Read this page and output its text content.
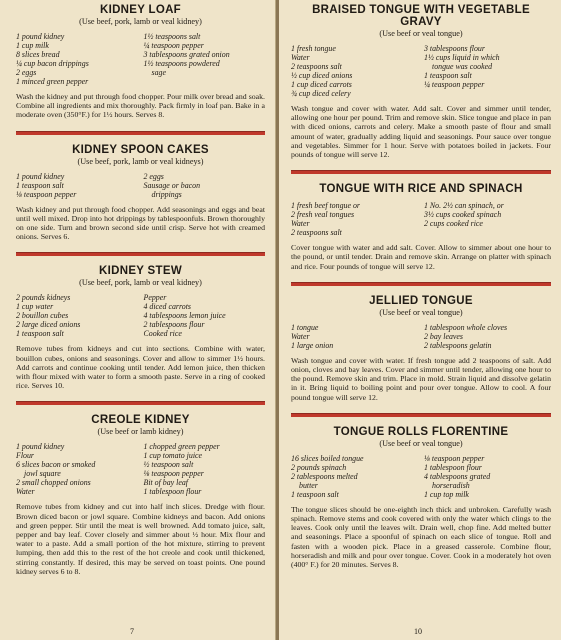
KIDNEY LOAF
(Use beef, pork, lamb or veal kidney)
1 pound kidney
1 cup milk
8 slices bread
¼ cup bacon drippings
2 eggs
1 minced green pepper
1½ teaspoons salt
¼ teaspoon pepper
3 tablespoons grated onion
1½ teaspoons powdered
sage

Wash the kidney and put through food chopper. Pour milk over bread and soak. Combine all ingredients and mix thoroughly. Pack firmly in loaf pan. Bake in a moderate oven (350°F.) for 1½ hours. Serves 8.

KIDNEY SPOON CAKES
(Use beef, pork, lamb or veal kidneys)
1 pound kidney
1 teaspoon salt
⅛ teaspoon pepper
2 eggs
Sausage or bacon
drippings

Wash kidney and put through food chopper. Add seasonings and eggs and beat until well mixed. Drop into hot drippings by tablespoonfuls. Brown thoroughly on one side. Turn and brown second side until crisp. Serve hot with creamed onions. Serves 6.

KIDNEY STEW
(Use beef, pork, lamb or veal kidney)
2 pounds kidneys
1 cup water
2 bouillon cubes
2 large diced onions
1 teaspoon salt
Pepper
4 diced carrots
4 tablespoons lemon juice
2 tablespoons flour
Cooked rice

Remove tubes from kidneys and cut into sections. Combine with water, bouillon cubes, onions and seasonings. Cover and allow to simmer 1½ hours. Add carrots and continue cooking until tender. Add lemon juice, then thicken with flour mixed with water to form a smooth paste. Serve in a ring of cooked rice. Serves 10.

CREOLE KIDNEY
(Use beef or lamb kidney)
1 pound kidney
Flour
6 slices bacon or smoked
jowl square
2 small chopped onions
Water
1 chopped green pepper
1 cup tomato juice
½ teaspoon salt
⅛ teaspoon pepper
Bit of bay leaf
1 tablespoon flour

Remove tubes from kidney and cut into half inch slices. Dredge with flour. Brown diced bacon or jowl square. Combine kidneys and bacon. Add onions and green pepper. Stir until the meat is well browned. Add tomato juice, salt, pepper and bay leaf. Cover closely and simmer about ½ hour. Mix flour and water to a paste. Add a small portion of the hot mixture, stirring to prevent lumping, then add this to the rest of the hot creole and cook until thickened, stirring constantly. If desired, this may be served on toast points. One pound kidney serves 6 to 8.

7
BRAISED TONGUE WITH VEGETABLE GRAVY
(Use beef or veal tongue)
1 fresh tongue
Water
2 teaspoons salt
½ cup diced onions
1 cup diced carrots
¾ cup diced celery
3 tablespoons flour
1½ cups liquid in which
tongue was cooked
1 teaspoon salt
¼ teaspoon pepper

Wash tongue and cover with water. Add salt. Cover and simmer until tender, allowing one hour per pound. Trim and remove skin. Slice tongue and place in pan with diced onions, carrots and celery. Make a smooth paste of flour and small amount of water, gradually adding liquid and seasonings. Pour sauce over tongue and vegetables. Simmer for 1 hour. Serve with potatoes boiled in jackets. Four pounds of tongue will serve 12.

TONGUE WITH RICE AND SPINACH
1 fresh beef tongue or
2 fresh veal tongues
Water
2 teaspoons salt
1 No. 2½ can spinach, or
3½ cups cooked spinach
2 cups cooked rice

Cover tongue with water and add salt. Cover. Allow to simmer about one hour to the pound, or until tender. Drain and remove skin. Arrange on platter with spinach and rice. Four pounds of tongue will serve 12.

JELLIED TONGUE
(Use beef or veal tongue)
1 tongue
Water
1 large onion
1 tablespoon whole cloves
2 bay leaves
2 tablespoons gelatin

Wash tongue and cover with water. If fresh tongue add 2 teaspoons of salt. Add onion, cloves and bay leaves. Cover and simmer until tender, allowing one hour to the pound. Remove skin and trim. Place in mold. Strain liquid and dissolve gelatin in it. Bring liquid to boiling point and pour over tongue. Allow to cool. A four pound tongue will serve 12.

TONGUE ROLLS FLORENTINE
(Use beef or veal tongue)
16 slices boiled tongue
2 pounds spinach
2 tablespoons melted
butter
1 teaspoon salt
⅛ teaspoon pepper
1 tablespoon flour
4 tablespoons grated
horseradish
1 cup top milk

The tongue slices should be one-eighth inch thick and unbroken. Carefully wash spinach. Remove stems and cook covered with only the water which clings to the leaves. Cook only until the leaves wilt. Drain well, chop fine. Add melted butter and seasonings. Place a spoonful of spinach on each slice of tongue. Roll and fasten with a wooden pick. Place in a greased casserole. Combine flour, horseradish and milk and pour over tongue. Cover. Cook in a moderately hot oven (400° F.) for 20 minutes. Serves 8.

10
